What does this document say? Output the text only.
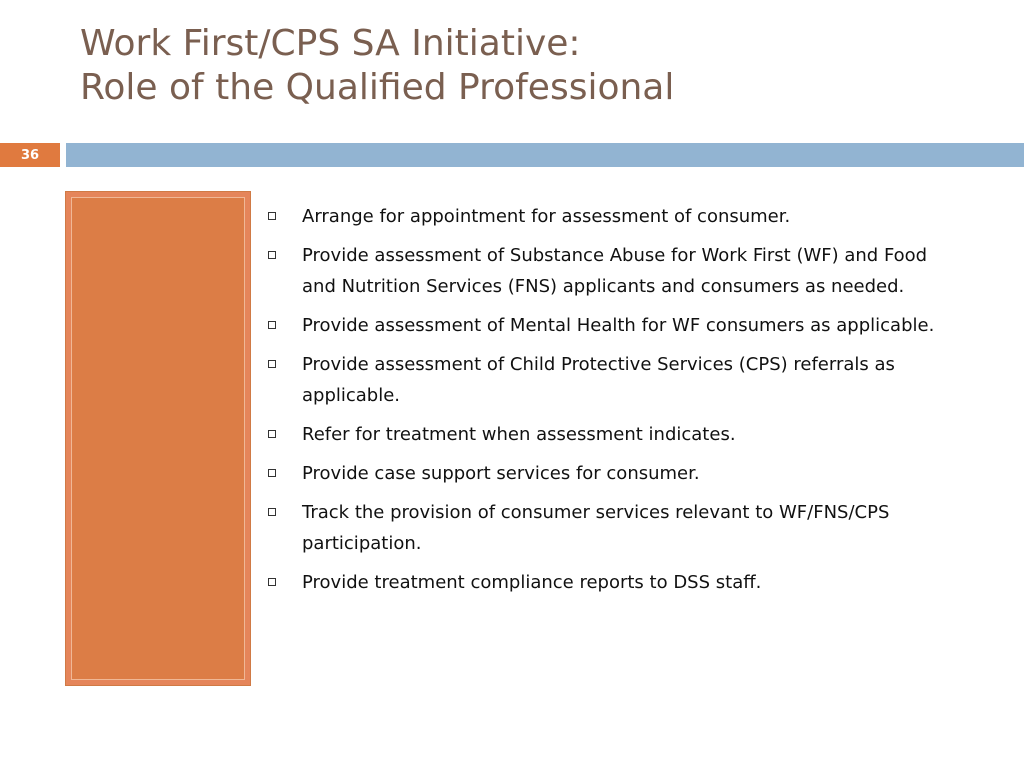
Work First/CPS SA Initiative:
Role of the Qualified Professional
36
Arrange for appointment for assessment of consumer.
Provide assessment of Substance Abuse for Work First (WF) and Food and Nutrition Services (FNS) applicants and consumers as needed.
Provide assessment of Mental Health for WF consumers as applicable.
Provide assessment of Child Protective Services (CPS) referrals as applicable.
Refer for treatment when assessment indicates.
Provide case support services for consumer.
Track the provision of consumer services relevant to WF/FNS/CPS participation.
Provide treatment compliance reports to DSS staff.
